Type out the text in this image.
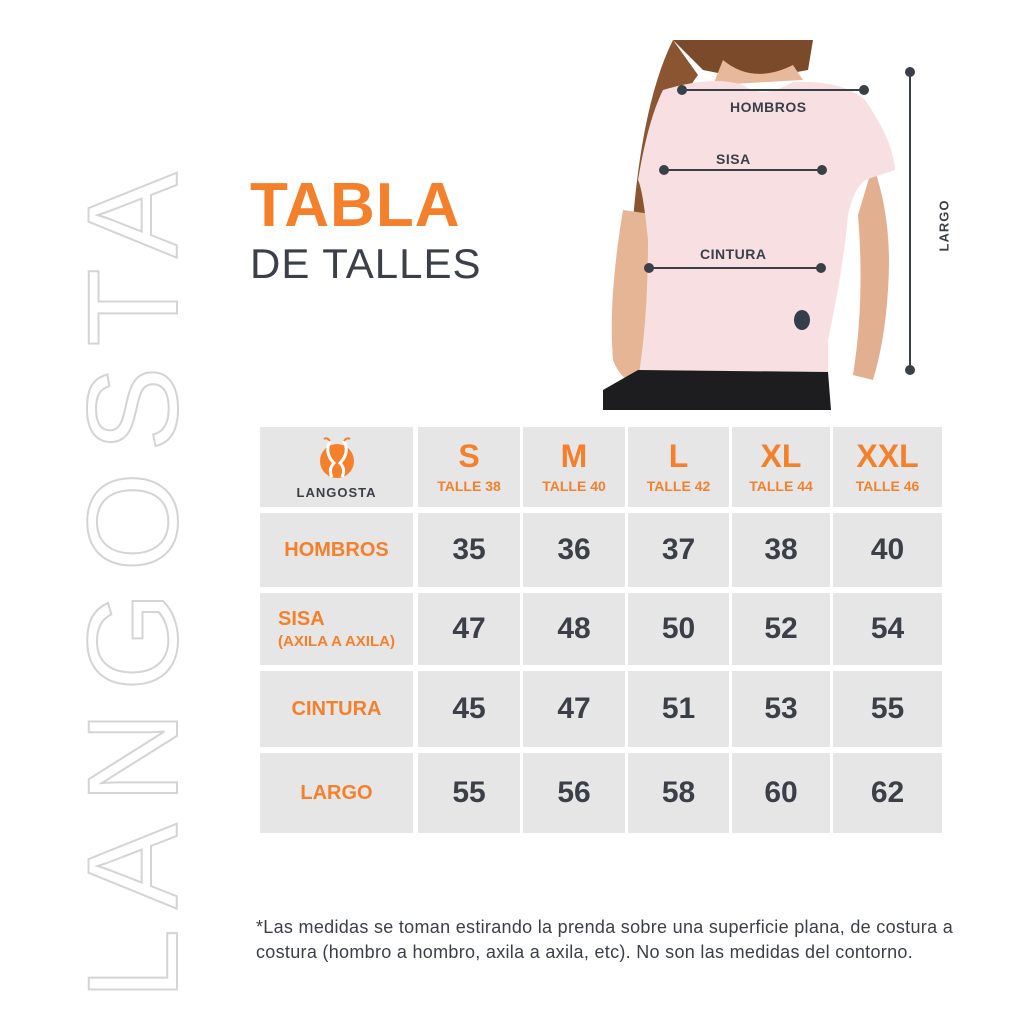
LANGOSTA TABLA
DE TALLES
HOMBROS
SISA
CINTURA
LARGO
LANGOSTA
S
TALLE 38
M
TALLE 40
L
TALLE 42
XL
TALLE 44
XXL
TALLE 46
HOMBROS 35 36 37 38 40
SISA
(AXILA A AXILA) 47 48 50 52 54
CINTURA 45 47 51 53 55
LARGO	55 56 58 60 62
*Las medidas se toman estirando la prenda sobre una superficie plana, de costura a costura (hombro a hombro, axila a axila, etc). No son las medidas del contorno.
